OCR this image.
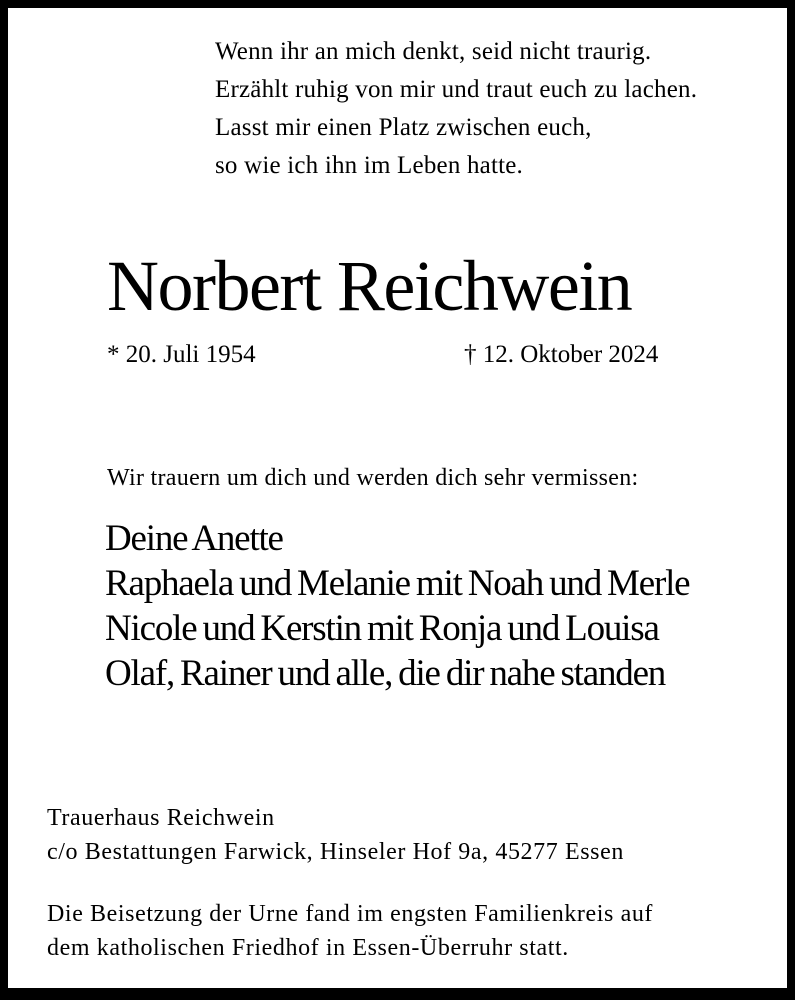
Wenn ihr an mich denkt, seid nicht traurig.
Erzählt ruhig von mir und traut euch zu lachen.
Lasst mir einen Platz zwischen euch,
so wie ich ihn im Leben hatte.
Norbert Reichwein
* 20. Juli 1954	† 12. Oktober 2024
Wir trauern um dich und werden dich sehr vermissen:
Deine Anette
Raphaela und Melanie mit Noah und Merle
Nicole und Kerstin mit Ronja und Louisa
Olaf, Rainer und alle, die dir nahe standen
Trauerhaus Reichwein
c/o Bestattungen Farwick, Hinseler Hof 9a, 45277 Essen
Die Beisetzung der Urne fand im engsten Familienkreis auf
dem katholischen Friedhof in Essen-Überruhr statt.
